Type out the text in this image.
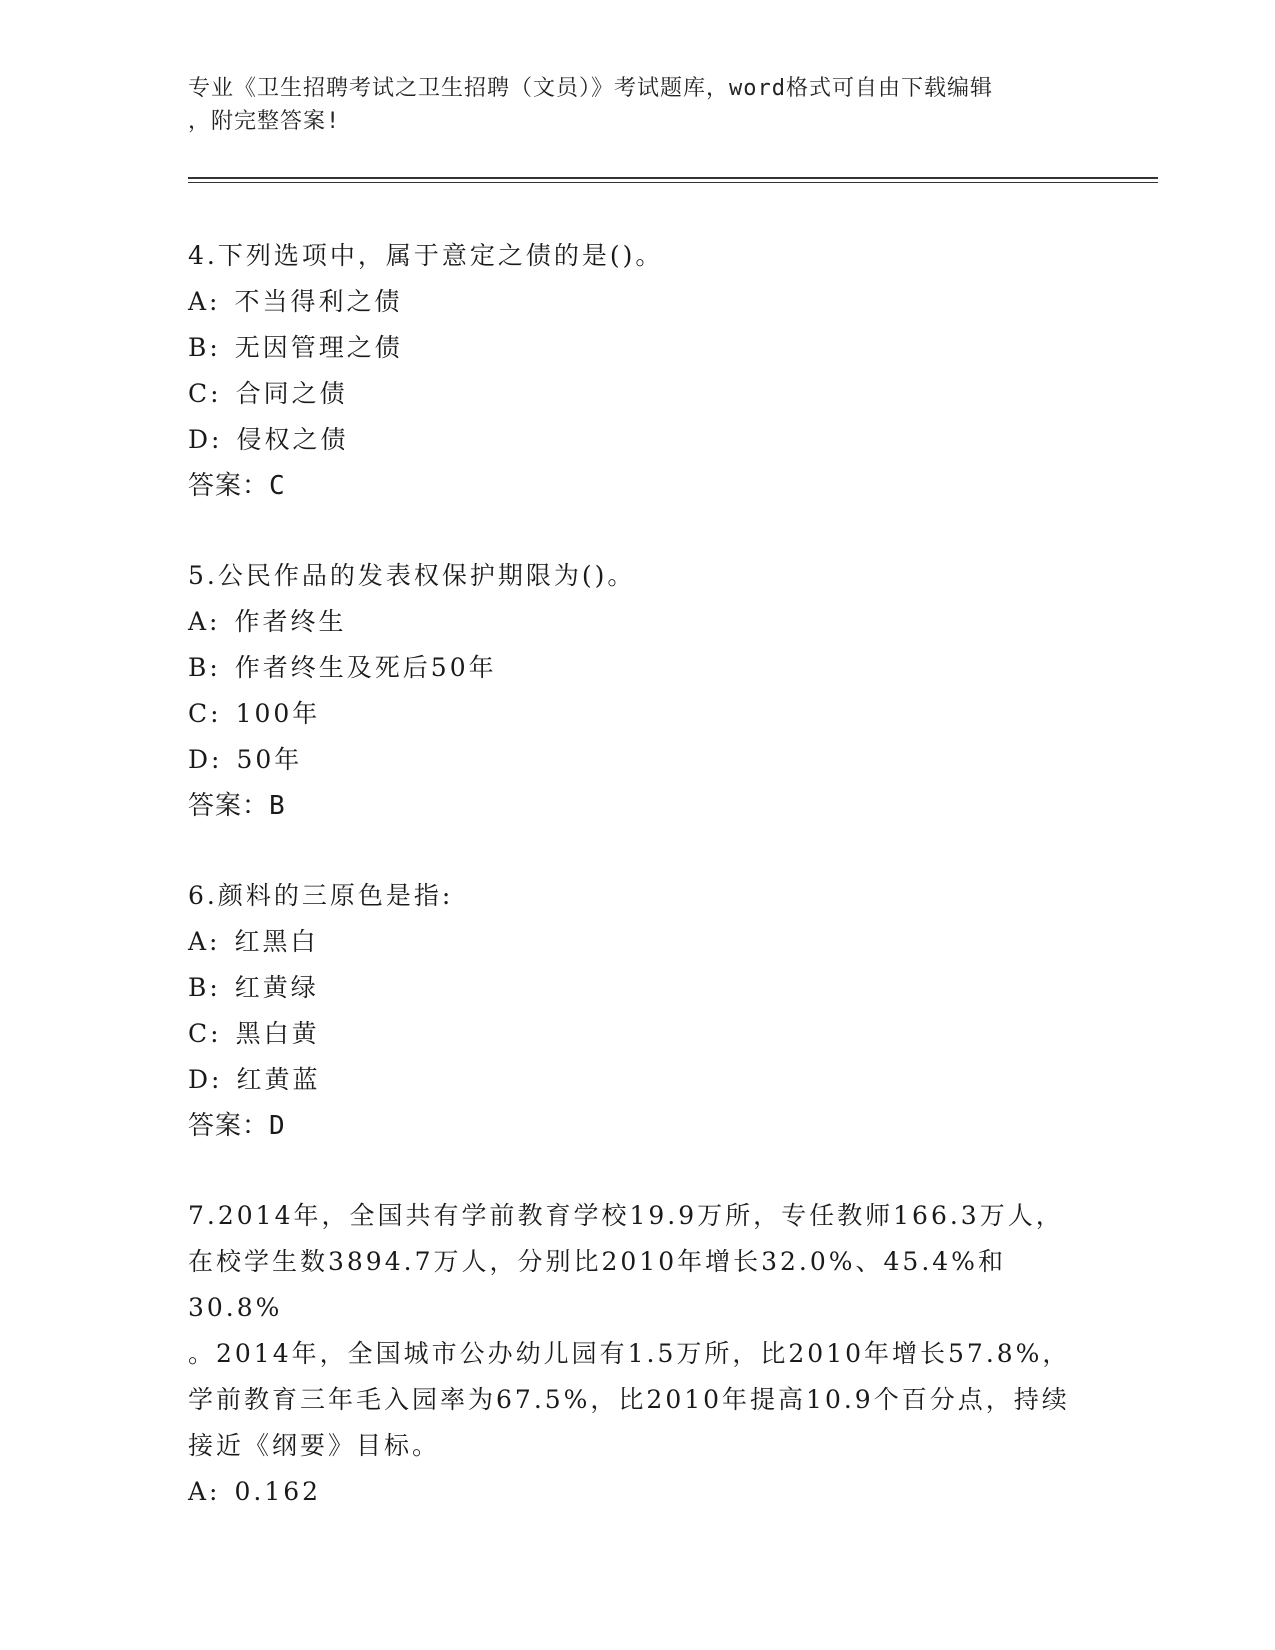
专业《卫生招聘考试之卫生招聘（文员）》考试题库，word格式可自由下载编辑
，附完整答案!

4.下列选项中，属于意定之债的是()。

A: 不当得利之债

B: 无因管理之债

C: 合同之债

D: 侵权之债

答案：C

5.公民作品的发表权保护期限为()。

A: 作者终生

B: 作者终生及死后50年

C: 100年

D: 50年

答案：B

6.颜料的三原色是指:

A: 红黑白

B: 红黄绿

C: 黑白黄

D: 红黄蓝

答案：D

7.2014年，全国共有学前教育学校19.9万所，专任教师166.3万人，

在校学生数3894.7万人，分别比2010年增长32.0%、45.4%和30.8%

。2014年，全国城市公办幼儿园有1.5万所，比2010年增长57.8%，

学前教育三年毛入园率为67.5%，比2010年提高10.9个百分点，持续

接近《纲要》目标。

A: 0.162
